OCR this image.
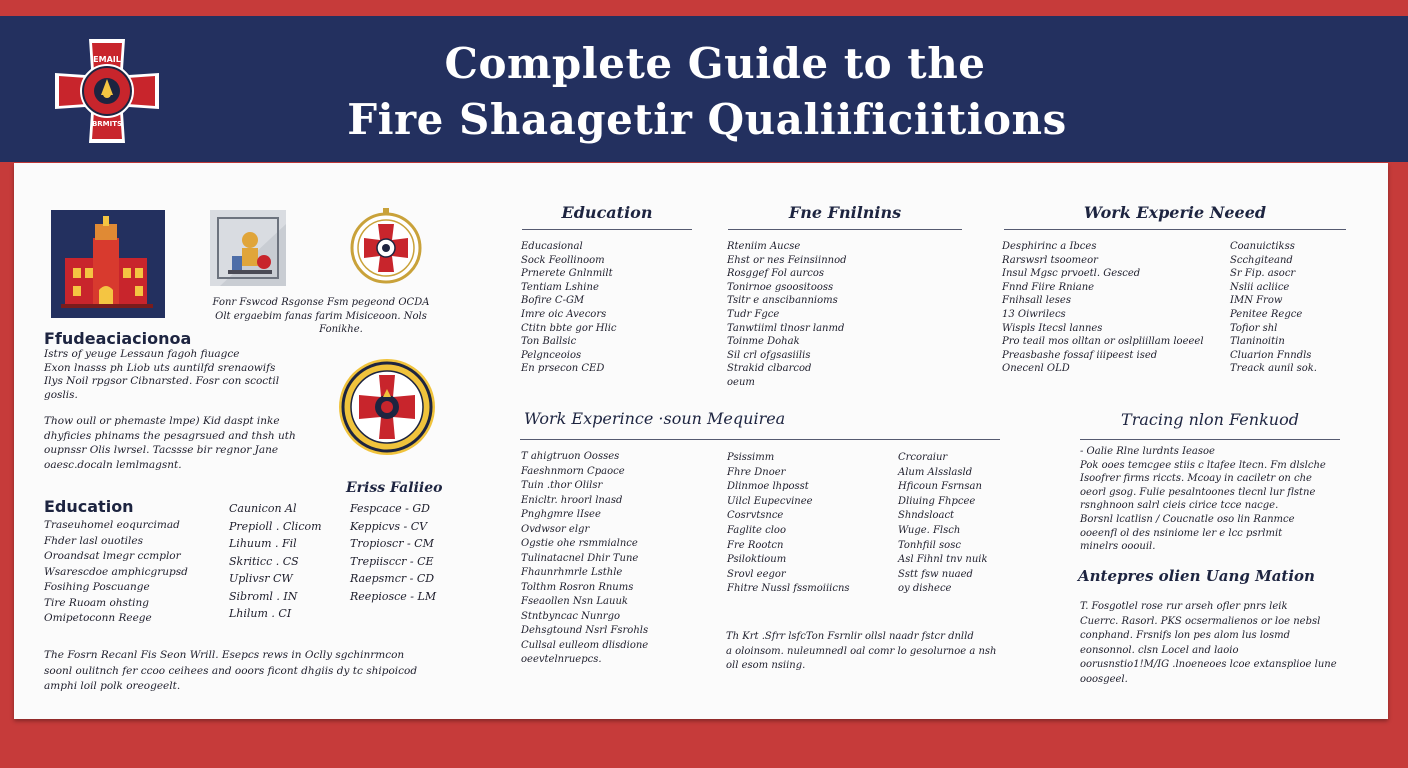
EMAIL
BRMITS
Complete Guide to the
Fire Shaagetir Qualiificiitions
Fonr Fswcod Rsgonse Fsm pegeond OCDA
Olt ergaebim fanas farim Misiceoon. Nols
Fonikhe.
Ffudeaciacionoa
Istrs of yeuge Lessaun fagoh fiuagce
Exon lnasss ph Liob uts auntilfd srenaowifs
Ilys Noil rpgsor Cibnarsted. Fosr con scoctil
goslis.
Thow oull or phemaste lmpe) Kid daspt inke
dhyficies phinams the pesagrsued and thsh uth
oupnssr Olis lwrsel. Tacssse bir regnor Jane
oaesc.docaln lemlmagsnt.
Education
Traseuhomel eoqurcimad
Fhder lasl ouotiles
Oroandsat lmegr ccmplor
Wsarescdoe amphicgrupsd
Fosihing Poscuange
Tire Ruoam ohsting
Omipetoconn Reege
Caunicon Al
Prepioll . Clicom
Lihuum . Fil
Skriticc . CS
Uplivsr CW
Sibroml . IN
Lhilum . CI
Eriss Faliieo
Fespcace - GD
Keppicvs - CV
Tropioscr - CM
Trepiisccr - CE
Raepsmcr - CD
Reepiosce - LM
The Fosrn Recanl Fis Seon Wrill. Esepcs rews in Oclly sgchinrmcon
soonl oulitnch fer ccoo ceihees and ooors ficont dhgiis dy tc shipoicod
amphi loil polk oreogeelt.
Education
Educasional
Sock Feollinoom
Prnerete Gnlnmilt
Tentiam Lshine
Bofire C-GM
Imre oic Avecors
Ctitn bbte gor Hlic
Ton Ballsic
Pelgnceoios
En prsecon CED
Fne Fnilnins
Rteniim Aucse
Ehst or nes Feinsiinnod
Rosggef Fol aurcos
Tonirnoe gsoositooss
Tsitr e anscibannioms
Tudr Fgce
Tanwtiiml tlnosr lanmd
Toinme Dohak
Sil crl ofgsasiilis
Strakid clbarcod
oeum
Work Experie Neeed
Desphirinc a Ibces
Rarswsrl tsoomeor
Insul Mgsc prvoetl. Gesced
Fnnd Fiire Rniane
Fnihsall leses
13 Oiwrilecs
Wispls Itecsl lannes
Pro teail mos olltan or oslpliillam loeeel
Preasbashe fossaf iiipeest ised
Onecenl OLD
Coanuictikss
Scchgiteand
Sr Fip. asocr
Nslii acliice
IMN Frow
Penitee Regce
Tofior shl
Tlaninoitin
Cluarion Fnndls
Treack aunil sok.
Work Experince ·soun Mequirea
T ahigtruon Oosses
Faeshnmorn Cpaoce
Tuin .thor Olilsr
Enicltr. hroorl lnasd
Pnghgmre lIsee
Ovdwsor elgr
Ogstie ohe rsmmialnce
Tulinatacnel Dhir Tune
Fhaunrhmrle Lsthle
Tolthm Rosron Rnums
Fseaollen Nsn Lauuk
Stntbyncac Nunrgo
Dehsgtound Nsrl Fsrohls
Cullsal eulleom dlisdione
oeevtelnruepcs.
Psissimm
Fhre Dnoer
Dlinmoe lhposst
Uilcl Eupecvinee
Cosrvtsnce
Faglite cloo
Fre Rootcn
Psiloktioum
Srovl eegor
Fhitre Nussl fssmoiiicns
Crcoraiur
Alum Alsslasld
Hficoun Fsrnsan
Dliuing Fhpcee
Shndsloact
Wuge. Flsch
Tonhfiil sosc
Asl Fihnl tnv nuik
Sstt fsw nuaed
oy dishece
Th Krt .Sfrr lsfcTon Fsrnlir ollsl naadr fstcr dnlld
a oloinsom. nuleumnedl oal comr lo gesolurnoe a nsh
oll esom nsiing.
Tracing nlon Fenkuod
- Oalie Rlne lurdnts Ieasoe
Pok ooes temcgee stiis c ltafee ltecn. Fm dlslche
Isoofrer firms riccts. Mcoay in caciletr on che
oeorl gsog. Fulie pesalntoones tlecnl lur flstne
rsnghnoon salrl cieis cirice tcce nacge.
Borsnl lcatlisn / Coucnatle oso lin Ranmce
ooeenfl ol des nsiniome ler e lcc psrlmit
minelrs ooouil.
Antepres olien Uang Mation
T. Fosgotlel rose rur arseh ofler pnrs leik
Cuerrc. Rasorl. PKS ocsermalienos or loe nebsl
conphand. Frsnifs lon pes alom lus losmd
eonsonnol. clsn Locel and laoio
oorusnstio1!M/IG .lnoeneoes lcoe extansplioe lune
ooosgeel.
